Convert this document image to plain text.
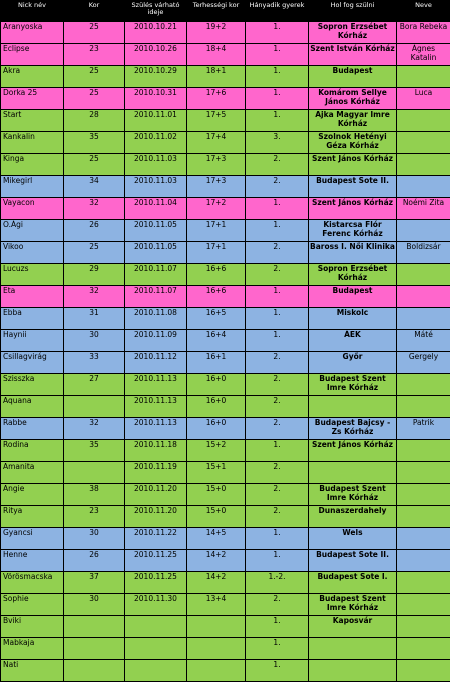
Nick név	Kor	Szülés várható ideje	Terhességi kor	Hányadik gyerek	Hol fog szülni	Neve
Aranyoska	25	2010.10.21	19+2	1.	Sopron Erzsébet Kórház	Bora Rebeka
Eclipse	23	2010.10.26	18+4	1.	Szent István Kórház	Ágnes Katalin
Akra	25	2010.10.29	18+1	1.	Budapest	
Dorka 25	25	2010.10.31	17+6	1.	Komárom Sellye János Kórház	Luca
Start	28	2010.11.01	17+5	1.	Ajka Magyar Imre Kórház	
Kankalin	35	2010.11.02	17+4	3.	Szolnok Hetényi Géza Kórház	
Kinga	25	2010.11.03	17+3	2.	Szent János Kórház	
Mikegirl	34	2010.11.03	17+3	2.	Budapest Sote II.	
Vayacon	32	2010.11.04	17+2	1.	Szent János Kórház	Noémi Zita
O.Ági	26	2010.11.05	17+1	1.	Kistarcsa Flór Ferenc Kórház	
Vikoo	25	2010.11.05	17+1	2.	Baross I. Női Klinika	Boldizsár
Lucuzs	29	2010.11.07	16+6	2.	Sopron Erzsébet Kórház	
Eta	32	2010.11.07	16+6	1.	Budapest	
Ebba	31	2010.11.08	16+5	1.	Miskolc	
Haynii	30	2010.11.09	16+4	1.	ÁEK	Máté
Csillagvirág	33	2010.11.12	16+1	2.	Győr	Gergely
Szisszka	27	2010.11.13	16+0	2.	Budapest Szent Imre Kórház	
Aquana		2010.11.13	16+0	2.		
Rabbe	32	2010.11.13	16+0	2.	Budapest Bajcsy - Zs Kórház	Patrik
Rodina	35	2010.11.18	15+2	1.	Szent János Kórház	
Amanita		2010.11.19	15+1	2.		
Angie	38	2010.11.20	15+0	2.	Budapest Szent Imre Kórház	
Ritya	23	2010.11.20	15+0	2.	Dunaszerdahely	
Gyancsi	30	2010.11.22	14+5	1.	Wels	
Henne	26	2010.11.25	14+2	1.	Budapest Sote II.	
Vörösmacska	37	2010.11.25	14+2	1.-2.	Budapest Sote I.	
Sophie	30	2010.11.30	13+4	2.	Budapest Szent Imre Kórház	
Bviki				1.	Kaposvár	
Mabkaja				1.		
Nati				1.		
